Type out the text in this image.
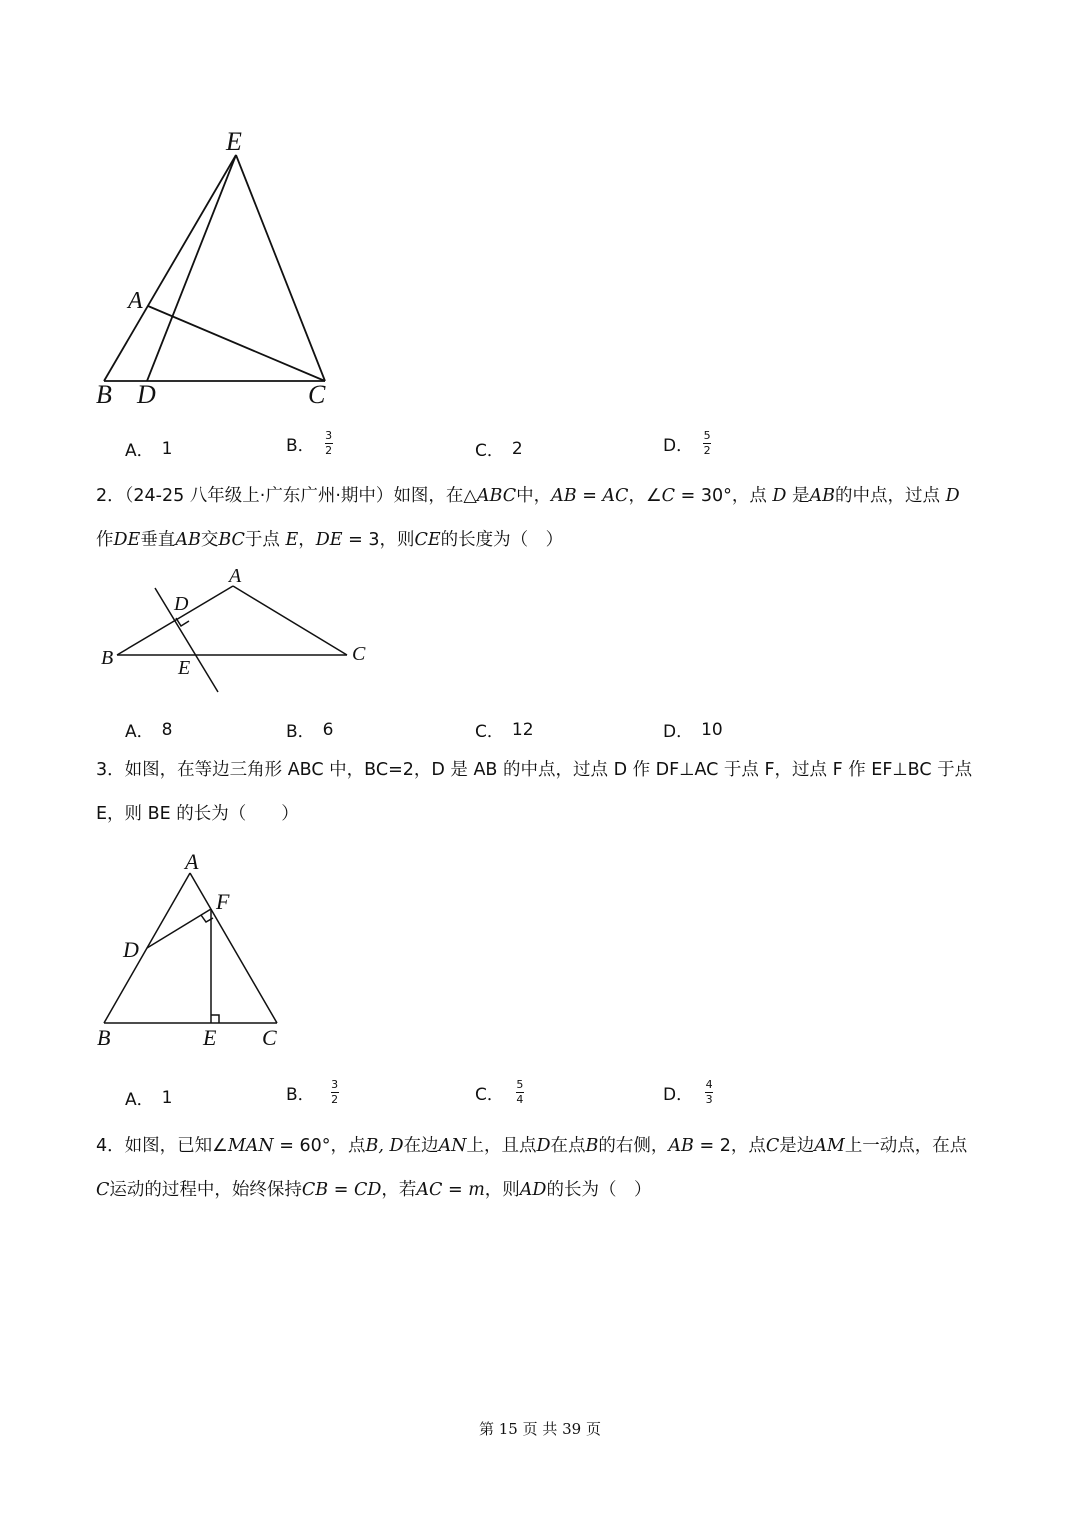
E
A
B D	C
A． 1	B． $\frac{3}{2}$	C． 2	D． $\frac{5}{2}$

2．（24-25 八年级上·广东广州·期中）如图，在△ABC中，AB = AC，∠C = 30°，点 D 是AB的中点，过点 D

作DE垂直AB交BC于点 E，DE = 3，则CE的长度为（　）

A
D
B	E
C
A． 8	B． 6	C． 12	D． 10

3．如图，在等边三角形 ABC 中，BC=2，D 是 AB 的中点，过点 D 作 DF⊥AC 于点 F，过点 F 作 EF⊥BC 于点

E，则 BE 的长为（　　）

A
F
D
B	E C
A． 1	B． $\frac{3}{2}$	C． $\frac{5}{4}$	D． $\frac{4}{3}$

4．如图，已知∠MAN = 60°，点B, D在边AN上，且点D在点B的右侧，AB = 2，点C是边AM上一动点，在点

C运动的过程中，始终保持CB = CD，若AC = m，则AD的长为（　）

第 15 页 共 39 页
